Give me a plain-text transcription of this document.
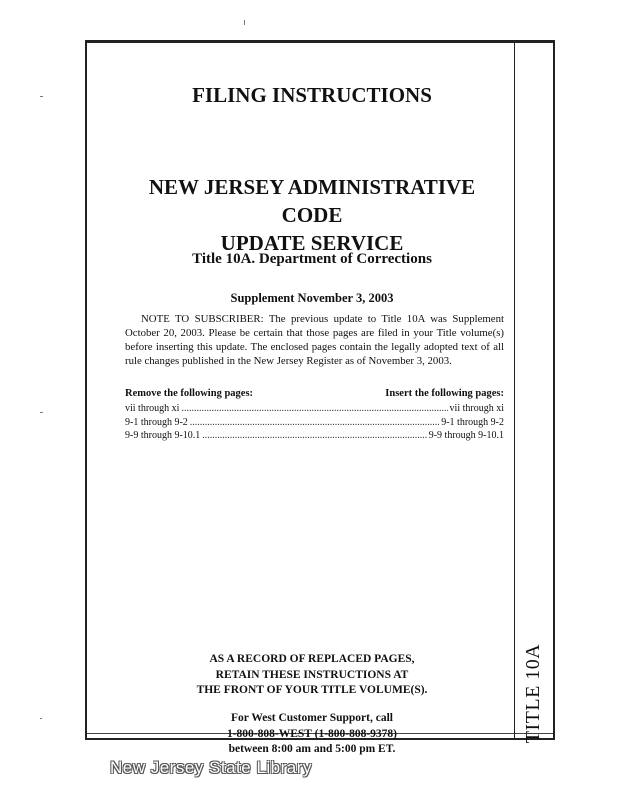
FILING INSTRUCTIONS
NEW JERSEY ADMINISTRATIVE CODE
UPDATE SERVICE
Title 10A. Department of Corrections
Supplement November 3, 2003
NOTE TO SUBSCRIBER: The previous update to Title 10A was Supplement October 20, 2003. Please be certain that those pages are filed in your Title volume(s) before inserting this update. The enclosed pages contain the legally adopted text of all rule changes published in the New Jersey Register as of November 3, 2003.
Remove the following pages:	Insert the following pages:
vii through xi .....	vii through xi
9-1 through 9-2 .....	9-1 through 9-2
9-9 through 9-10.1 .....	9-9 through 9-10.1
AS A RECORD OF REPLACED PAGES,
RETAIN THESE INSTRUCTIONS AT
THE FRONT OF YOUR TITLE VOLUME(S).
For West Customer Support, call
1-800-808-WEST (1-800-808-9378)
between 8:00 am and 5:00 pm ET.
TITLE 10A
New Jersey State Library
